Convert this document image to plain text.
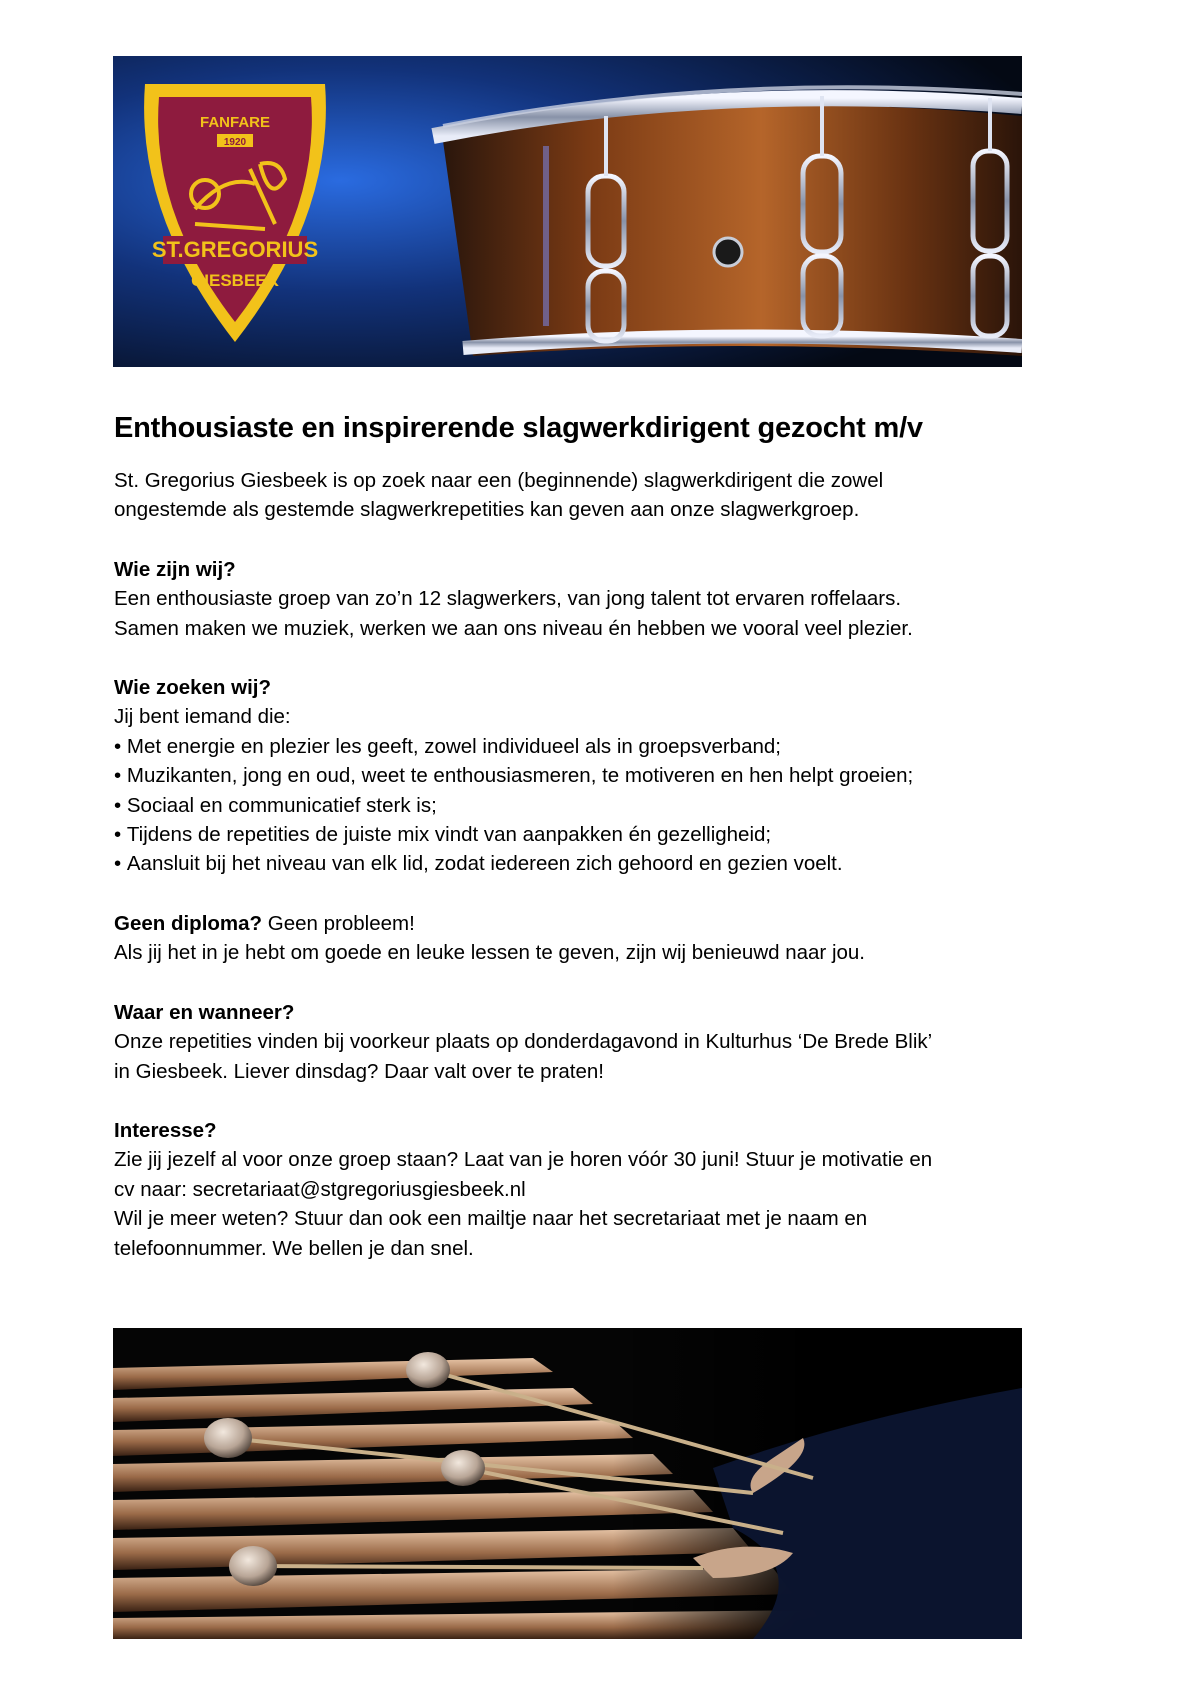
FANFARE
1920
ST.GREGORIUS
GIESBEEK
Enthousiaste en inspirerende slagwerkdirigent gezocht m/v

St. Gregorius Giesbeek is op zoek naar een (beginnende) slagwerkdirigent die zowel
ongestemde als gestemde slagwerkrepetities kan geven aan onze slagwerkgroep.

Wie zijn wij?
Een enthousiaste groep van zo’n 12 slagwerkers, van jong talent tot ervaren roffelaars.
Samen maken we muziek, werken we aan ons niveau én hebben we vooral veel plezier.

Wie zoeken wij?
Jij bent iemand die:
• Met energie en plezier les geeft, zowel individueel als in groepsverband;
• Muzikanten, jong en oud, weet te enthousiasmeren, te motiveren en hen helpt groeien;
• Sociaal en communicatief sterk is;
• Tijdens de repetities de juiste mix vindt van aanpakken én gezelligheid;
• Aansluit bij het niveau van elk lid, zodat iedereen zich gehoord en gezien voelt.

Geen diploma? Geen probleem!
Als jij het in je hebt om goede en leuke lessen te geven, zijn wij benieuwd naar jou.

Waar en wanneer?
Onze repetities vinden bij voorkeur plaats op donderdagavond in Kulturhus ‘De Brede Blik’
in Giesbeek. Liever dinsdag? Daar valt over te praten!

Interesse?
Zie jij jezelf al voor onze groep staan? Laat van je horen vóór 30 juni! Stuur je motivatie en
cv naar: secretariaat@stgregoriusgiesbeek.nl
Wil je meer weten? Stuur dan ook een mailtje naar het secretariaat met je naam en
telefoonnummer. We bellen je dan snel.
